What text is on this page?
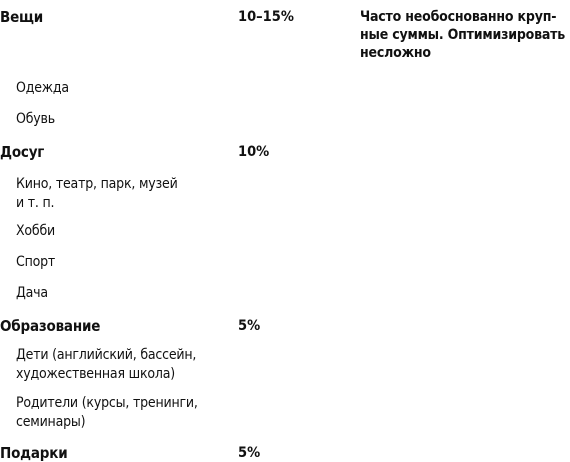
Вещи	10–15%	Часто необоснованно круп-
ные суммы. Оптимизировать
несложно
Одежда
Обувь
Досуг	10%
Кино, театр, парк, музей
и т. п.
Хобби
Спорт
Дача
Образование	5%
Дети (английский, бассейн,
художественная школа)
Родители (курсы, тренинги,
семинары)
Подарки	5%
